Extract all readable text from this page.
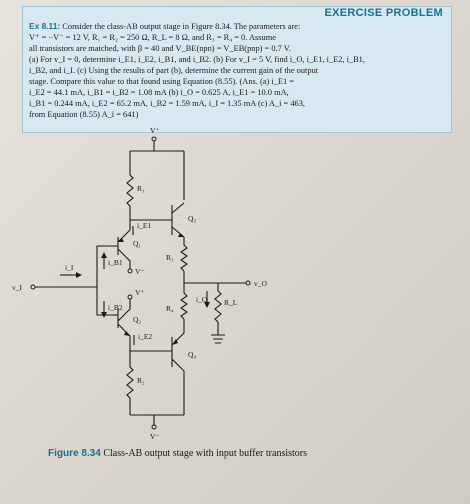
EXERCISE PROBLEM
Ex 8.11: Consider the class-AB output stage in Figure 8.34. The parameters are:
V⁺ = −V⁻ = 12 V, R₁ = R₂ = 250 Ω, R_L = 8 Ω, and R₃ = R₄ = 0. Assume
all transistors are matched, with β = 40 and V_BE(npn) = V_EB(pnp) = 0.7 V.
(a) For v_I = 0, determine i_E1, i_E2, i_B1, and i_B2. (b) For v_I = 5 V, find i_O, i_E1, i_E2, i_B1,
i_B2, and i_I. (c) Using the results of part (b), determine the current gain of the output
stage. Compare this value to that found using Equation (8.55). (Ans. (a) i_E1 =
i_E2 = 44.1 mA, i_B1 = i_B2 = 1.08 mA (b) i_O = 0.625 A, i_E1 = 10.0 mA,
i_B1 = 0.244 mA, i_E2 = 65.2 mA, i_B2 = 1.59 mA, i_I = 1.35 mA (c) A_i = 463,
from Equation (8.55) A_i = 641)
V⁺
R₁
Q₃
R₃
v_O
R_L
i_O
R₄
Q₄
i_E1
Q₁
V⁻
v_I
i_I
i_B1
i_B2
V⁺
Q₂
i_E2
R₂
V⁻
Figure 8.34 Class-AB output stage with input buffer transistors
